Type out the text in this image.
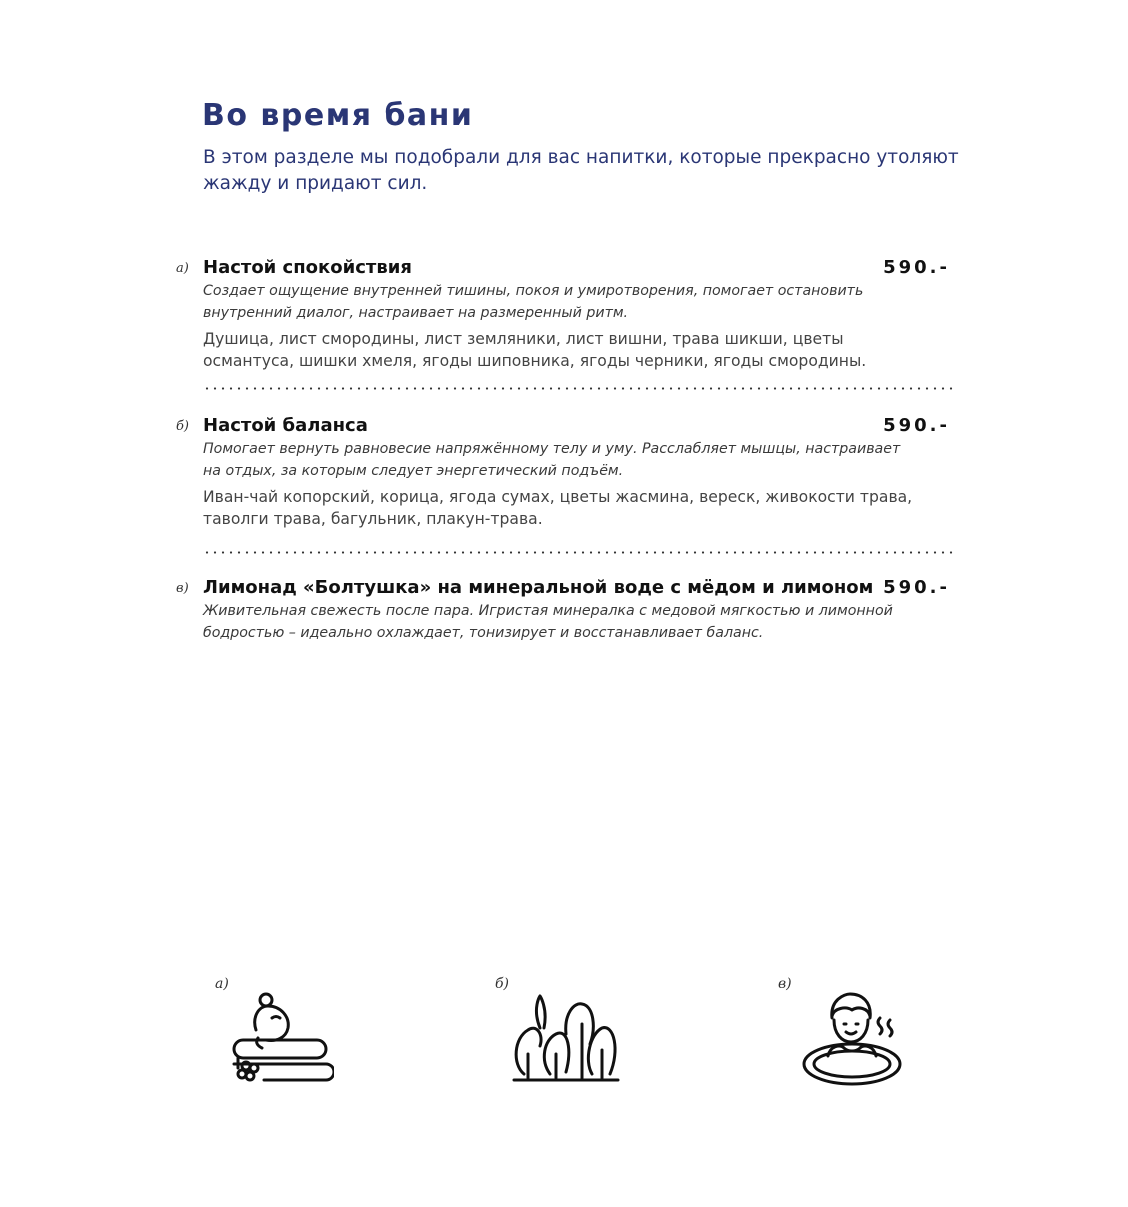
Во время бани

В этом разделе мы подобрали для вас напитки, которые прекрасно утоляют жажду и придают сил.

а) Настой спокойствия	590.-

Создает ощущение внутренней тишины, покоя и умиротворения, помогает остановить внутренний диалог, настраивает на размеренный ритм.

Душица, лист смородины, лист земляники, лист вишни, трава шикши, цветы османтуса, шишки хмеля, ягоды шиповника, ягоды черники, ягоды смородины.

б) Настой баланса	590.-

Помогает вернуть равновесие напряжённому телу и уму. Расслабляет мышцы, настраивает на отдых, за которым следует энергетический подъём.

Иван-чай копорский, корица, ягода сумах, цветы жасмина, вереск, живокости трава, таволги трава, багульник, плакун-трава.

в) Лимонад «Болтушка» на минеральной воде с мёдом и лимоном 590.-

Живительная свежесть после пара. Игристая минералка с медовой мягкостью и лимонной бодростью – идеально охлаждает, тонизирует и восстанавливает баланс.

а)	б)	в)
